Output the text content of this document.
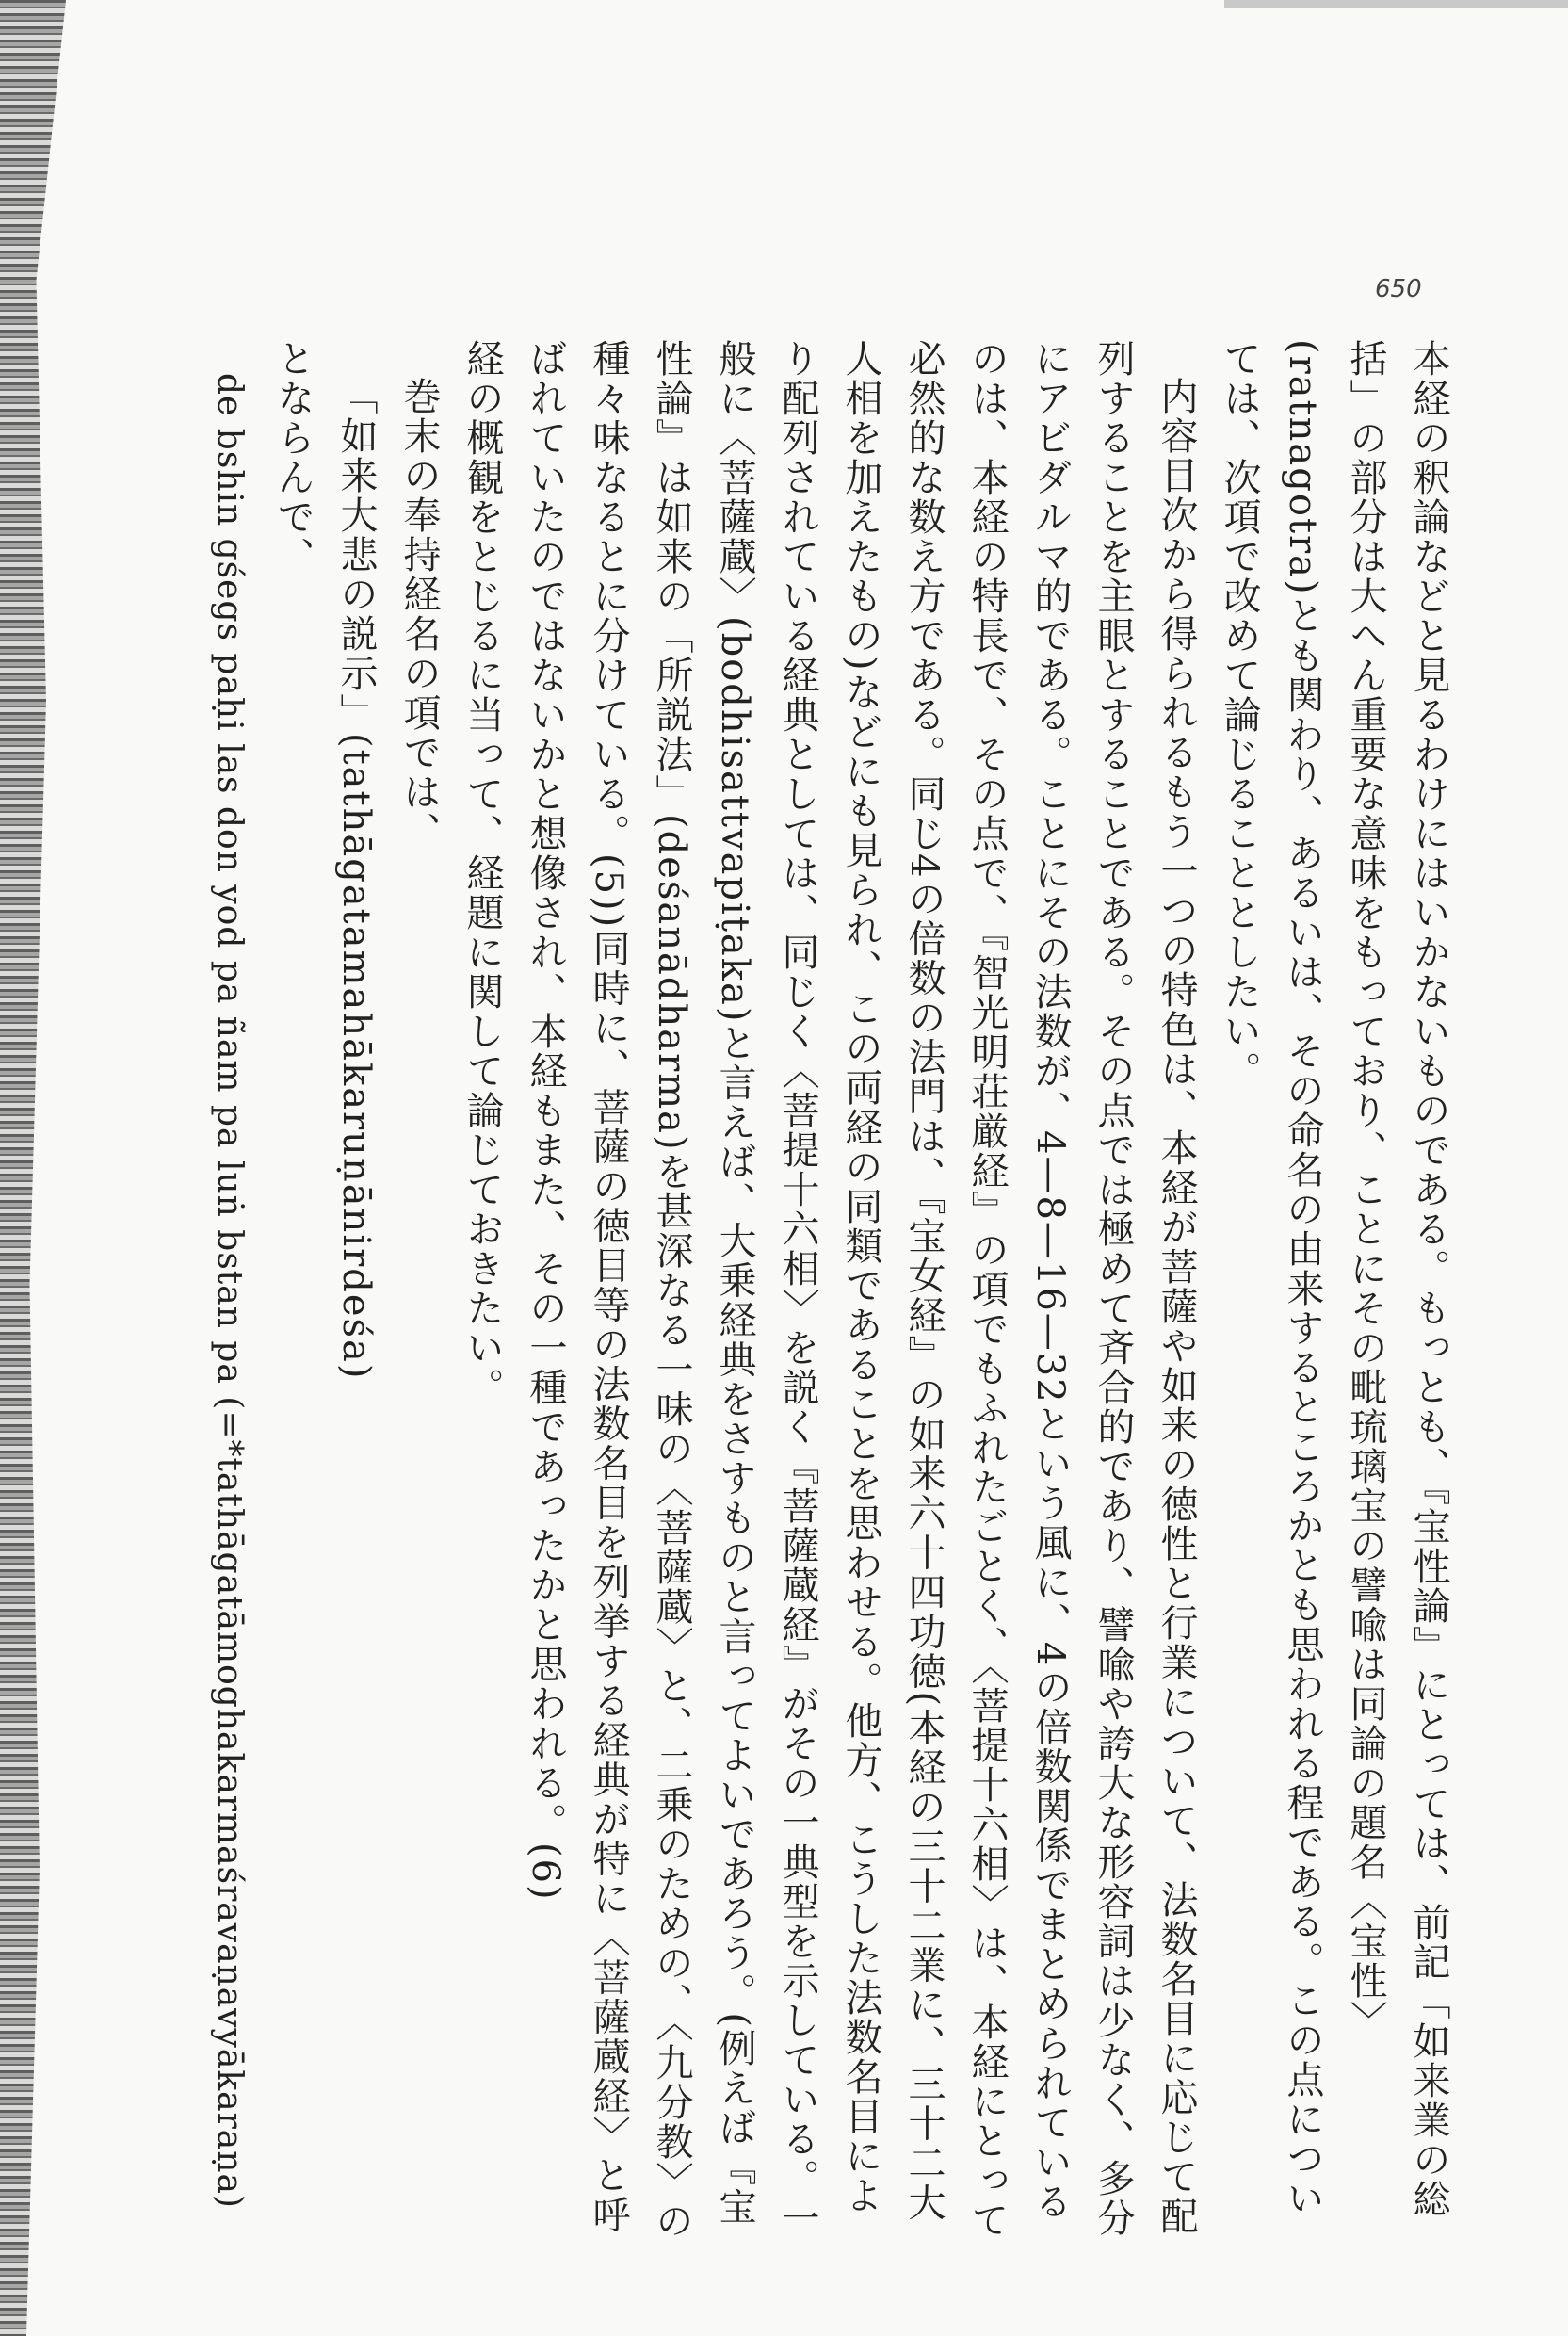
650

本経の釈論などと見るわけにはいかないものである。もっとも、『宝性論』にとっては、前記「如来業の総括」の部分は大へん重要な意味をもっており、ことにその毗琉璃宝の譬喩は同論の題名〈宝性〉(ratnagotra)とも関わり、あるいは、その命名の由来するところかとも思われる程である。この点については、次項で改めて論じることとしたい。

内容目次から得られるもう一つの特色は、本経が菩薩や如来の徳性と行業について、法数名目に応じて配列することを主眼とすることである。その点では極めて斉合的であり、譬喩や誇大な形容詞は少なく、多分にアビダルマ的である。ことにその法数が、4—8—16—32という風に、4の倍数関係でまとめられているのは、本経の特長で、その点で、『智光明荘厳経』の項でもふれたごとく、〈菩提十六相〉は、本経にとって必然的な数え方である。同じ4の倍数の法門は、『宝女経』の如来六十四功徳(本経の三十二業に、三十二大人相を加えたもの)などにも見られ、この両経の同類であることを思わせる。他方、こうした法数名目により配列されている経典としては、同じく〈菩提十六相〉を説く『菩薩蔵経』がその一典型を示している。一般に〈菩薩蔵〉(bodhisattvapiṭaka)と言えば、大乗経典をさすものと言ってよいであろう。(例えば『宝性論』は如来の「所説法」(deśanādharma)を甚深なる一味の〈菩薩蔵〉と、二乗のための、〈九分教〉の種々味なるとに分けている。(5))同時に、菩薩の徳目等の法数名目を列挙する経典が特に〈菩薩蔵経〉と呼ばれていたのではないかと想像され、本経もまた、その一種であったかと思われる。(6)

経の概観をとじるに当って、経題に関して論じておきたい。

巻末の奉持経名の項では、

「如来大悲の説示」(tathāgatamahākaruṇānirdeśa)

とならんで、

de bshin gśegs paḥi las don yod pa ñam pa luṅ bstan pa (=*tathāgatāmoghakarmaśravaṇavyākaraṇa)
